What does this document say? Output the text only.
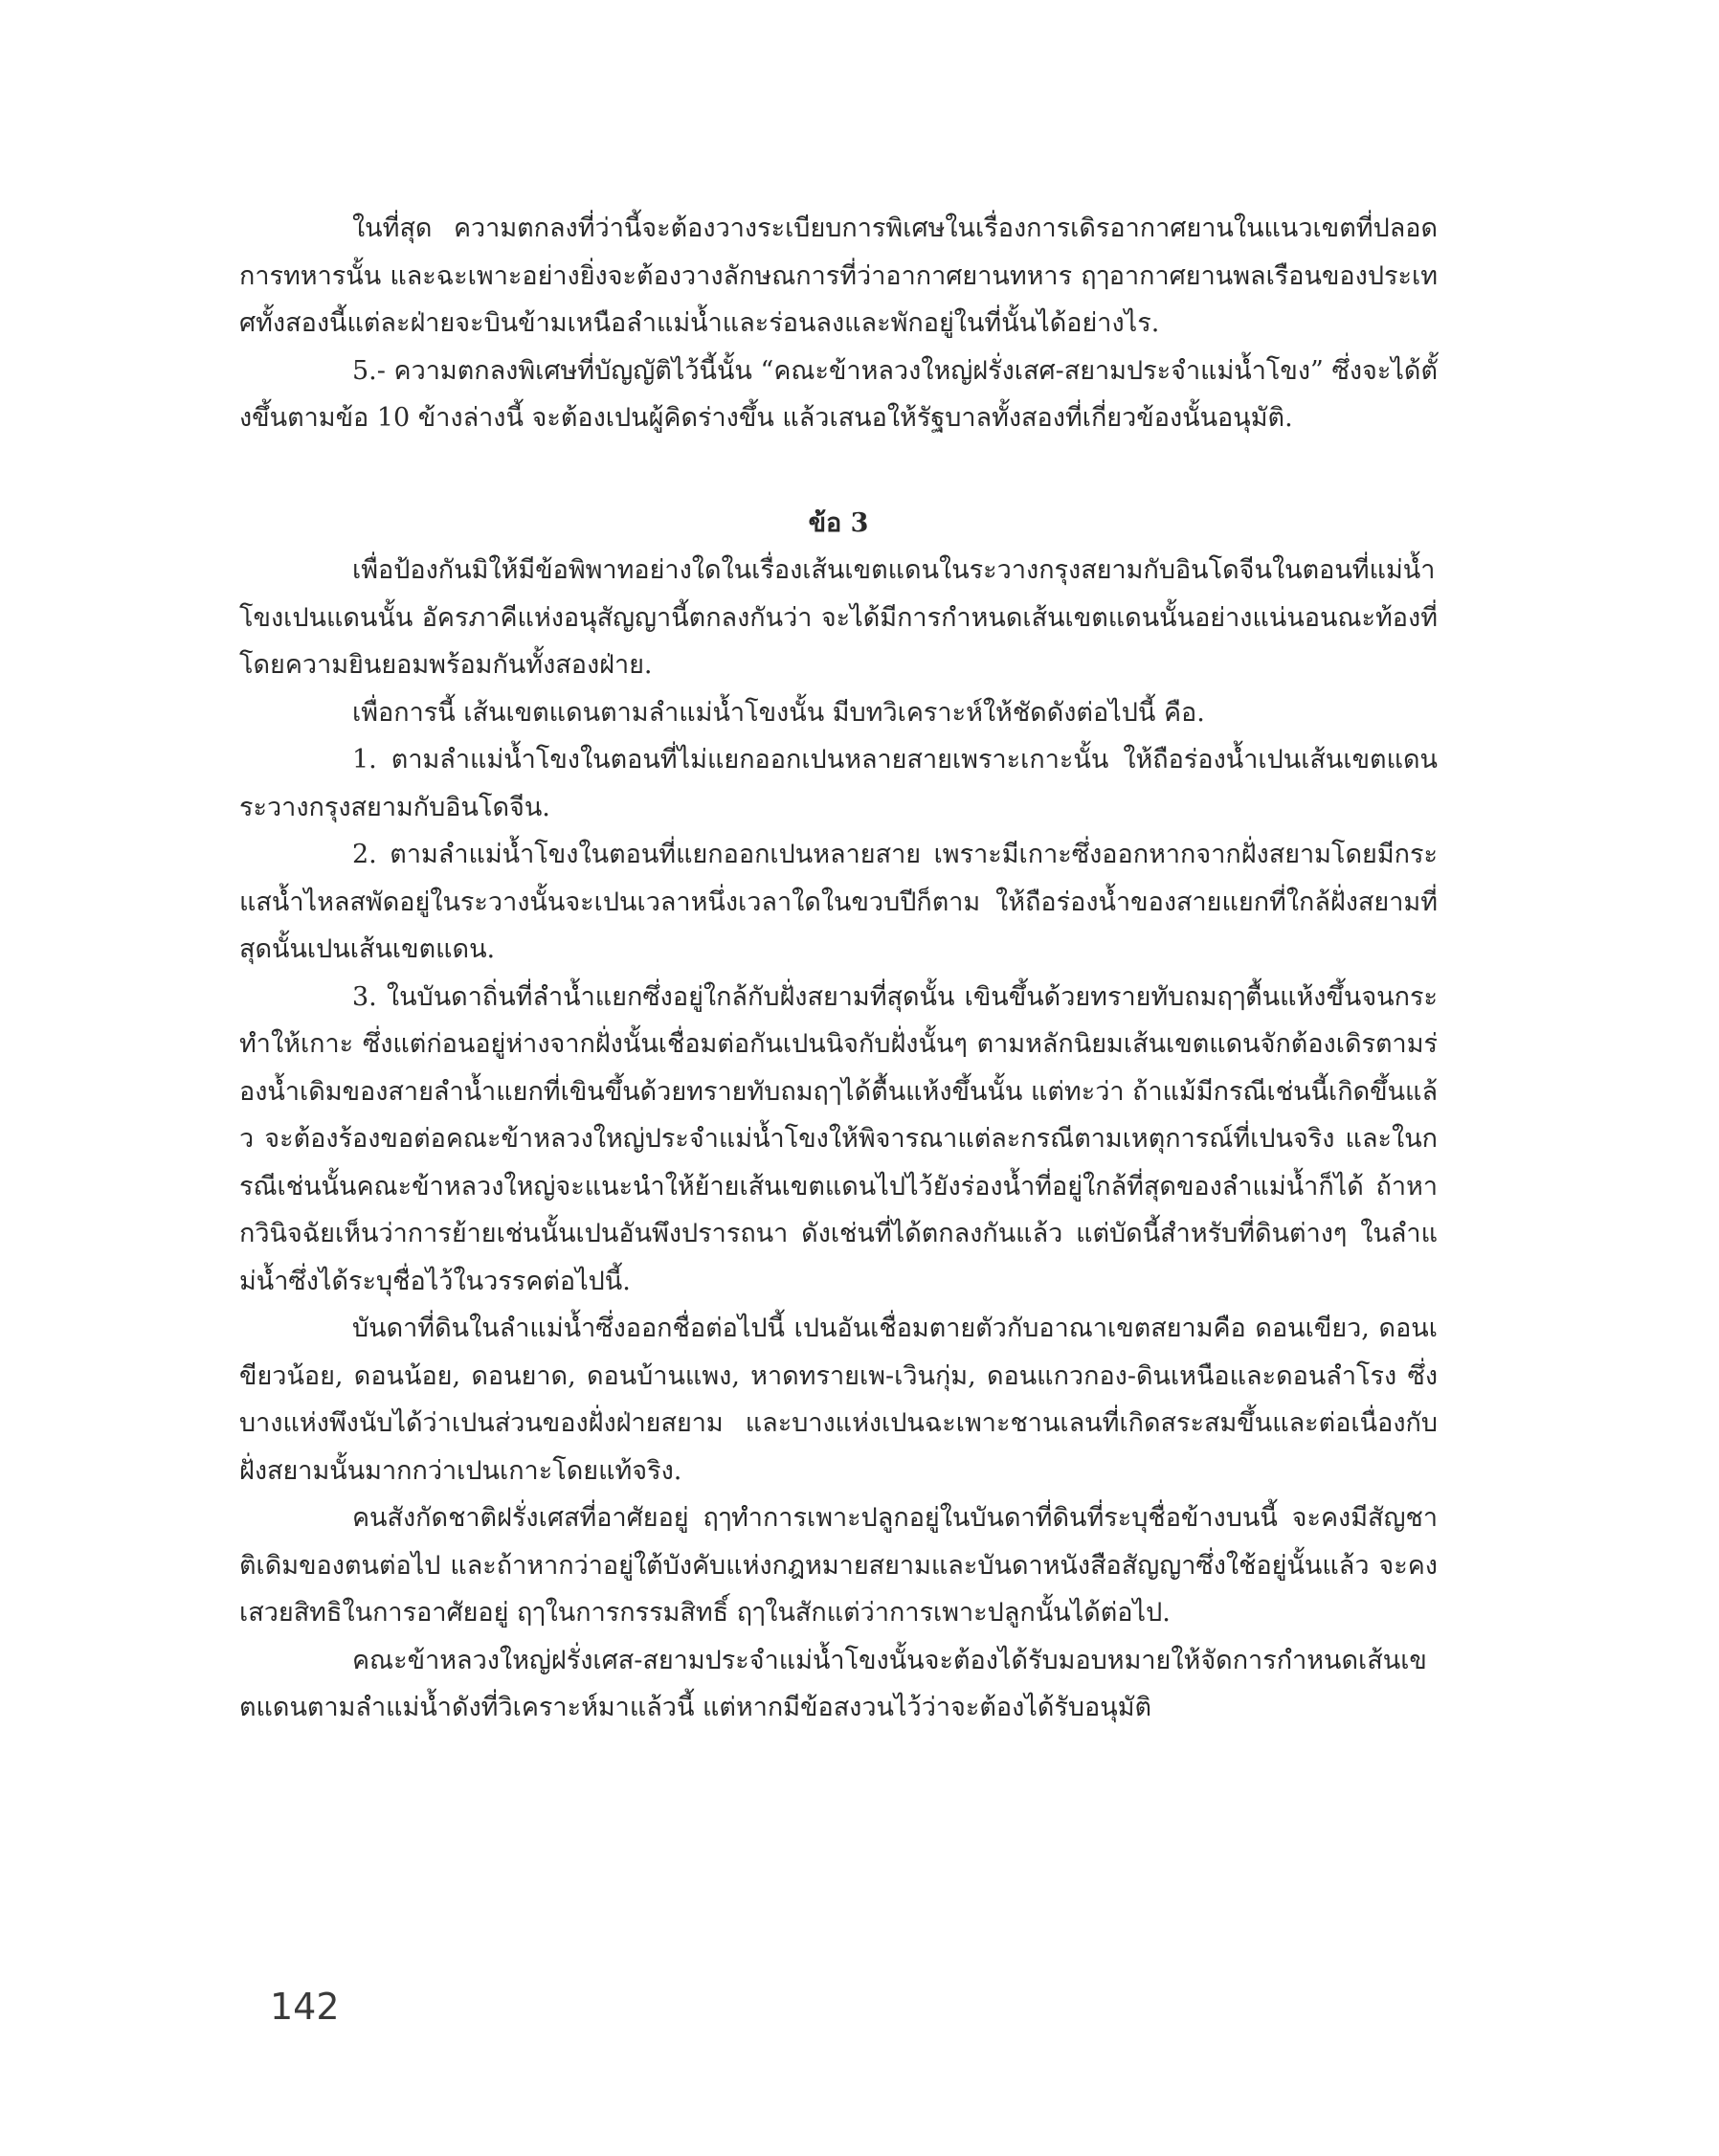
ในที่สุด ความตกลงที่ว่านี้จะต้องวางระเบียบการพิเศษในเรื่องการเดิรอากาศยานในแนวเขตที่ปลอดการทหารนั้น และฉะเพาะอย่างยิ่งจะต้องวางลักษณการที่ว่าอากาศยานทหาร ฤๅอากาศยานพลเรือนของประเทศทั้งสองนี้แต่ละฝ่ายจะบินข้ามเหนือลำแม่น้ำและร่อนลงและพักอยู่ในที่นั้นได้อย่างไร.

5.- ความตกลงพิเศษที่บัญญัติไว้นี้นั้น “คณะข้าหลวงใหญ่ฝรั่งเสศ-สยามประจำแม่น้ำโขง” ซึ่งจะได้ตั้งขึ้นตามข้อ 10 ข้างล่างนี้ จะต้องเปนผู้คิดร่างขึ้น แล้วเสนอให้รัฐบาลทั้งสองที่เกี่ยวข้องนั้นอนุมัติ.

ข้อ 3

เพื่อป้องกันมิให้มีข้อพิพาทอย่างใดในเรื่องเส้นเขตแดนในระวางกรุงสยามกับอินโดจีนในตอนที่แม่น้ำโขงเปนแดนนั้น อัครภาคีแห่งอนุสัญญานี้ตกลงกันว่า จะได้มีการกำหนดเส้นเขตแดนนั้นอย่างแน่นอนณะท้องที่ โดยความยินยอมพร้อมกันทั้งสองฝ่าย.

เพื่อการนี้ เส้นเขตแดนตามลำแม่น้ำโขงนั้น มีบทวิเคราะห์ให้ชัดดังต่อไปนี้ คือ.

1. ตามลำแม่น้ำโขงในตอนที่ไม่แยกออกเปนหลายสายเพราะเกาะนั้น ให้ถือร่องน้ำเปนเส้นเขตแดนระวางกรุงสยามกับอินโดจีน.

2. ตามลำแม่น้ำโขงในตอนที่แยกออกเปนหลายสาย เพราะมีเกาะซึ่งออกหากจากฝั่งสยามโดยมีกระแสน้ำไหลสพัดอยู่ในระวางนั้นจะเปนเวลาหนึ่งเวลาใดในขวบปีก็ตาม ให้ถือร่องน้ำของสายแยกที่ใกล้ฝั่งสยามที่สุดนั้นเปนเส้นเขตแดน.

3. ในบันดาถิ่นที่ลำน้ำแยกซึ่งอยู่ใกล้กับฝั่งสยามที่สุดนั้น เขินขึ้นด้วยทรายทับถมฤๅตื้นแห้งขึ้นจนกระทำให้เกาะ ซึ่งแต่ก่อนอยู่ห่างจากฝั่งนั้นเชื่อมต่อกันเปนนิจกับฝั่งนั้นๆ ตามหลักนิยมเส้นเขตแดนจักต้องเดิรตามร่องน้ำเดิมของสายลำน้ำแยกที่เขินขึ้นด้วยทรายทับถมฤๅได้ตื้นแห้งขึ้นนั้น แต่ทะว่า ถ้าแม้มีกรณีเช่นนี้เกิดขึ้นแล้ว จะต้องร้องขอต่อคณะข้าหลวงใหญ่ประจำแม่น้ำโขงให้พิจารณาแต่ละกรณีตามเหตุการณ์ที่เปนจริง และในกรณีเช่นนั้นคณะข้าหลวงใหญ่จะแนะนำให้ย้ายเส้นเขตแดนไปไว้ยังร่องน้ำที่อยู่ใกล้ที่สุดของลำแม่น้ำก็ได้ ถ้าหากวินิจฉัยเห็นว่าการย้ายเช่นนั้นเปนอันพึงปรารถนา ดังเช่นที่ได้ตกลงกันแล้ว แต่บัดนี้สำหรับที่ดินต่างๆ ในลำแม่น้ำซึ่งได้ระบุชื่อไว้ในวรรคต่อไปนี้.

บันดาที่ดินในลำแม่น้ำซึ่งออกชื่อต่อไปนี้ เปนอันเชื่อมตายตัวกับอาณาเขตสยามคือ ดอนเขียว, ดอนเขียวน้อย, ดอนน้อย, ดอนยาด, ดอนบ้านแพง, หาดทรายเพ-เวินกุ่ม, ดอนแกวกอง-ดินเหนือและดอนลำโรง ซึ่งบางแห่งพึงนับได้ว่าเปนส่วนของฝั่งฝ่ายสยาม และบางแห่งเปนฉะเพาะชานเลนที่เกิดสระสมขึ้นและต่อเนื่องกับฝั่งสยามนั้นมากกว่าเปนเกาะโดยแท้จริง.

คนสังกัดชาติฝรั่งเศสที่อาศัยอยู่ ฤๅทำการเพาะปลูกอยู่ในบันดาที่ดินที่ระบุชื่อข้างบนนี้ จะคงมีสัญชาติเดิมของตนต่อไป และถ้าหากว่าอยู่ใต้บังคับแห่งกฎหมายสยามและบันดาหนังสือสัญญาซึ่งใช้อยู่นั้นแล้ว จะคงเสวยสิทธิในการอาศัยอยู่ ฤๅในการกรรมสิทธิ์ ฤๅในสักแต่ว่าการเพาะปลูกนั้นได้ต่อไป.

คณะข้าหลวงใหญ่ฝรั่งเศส-สยามประจำแม่น้ำโขงนั้นจะต้องได้รับมอบหมายให้จัดการกำหนดเส้นเขตแดนตามลำแม่น้ำดังที่วิเคราะห์มาแล้วนี้ แต่หากมีข้อสงวนไว้ว่าจะต้องได้รับอนุมัติ

142
